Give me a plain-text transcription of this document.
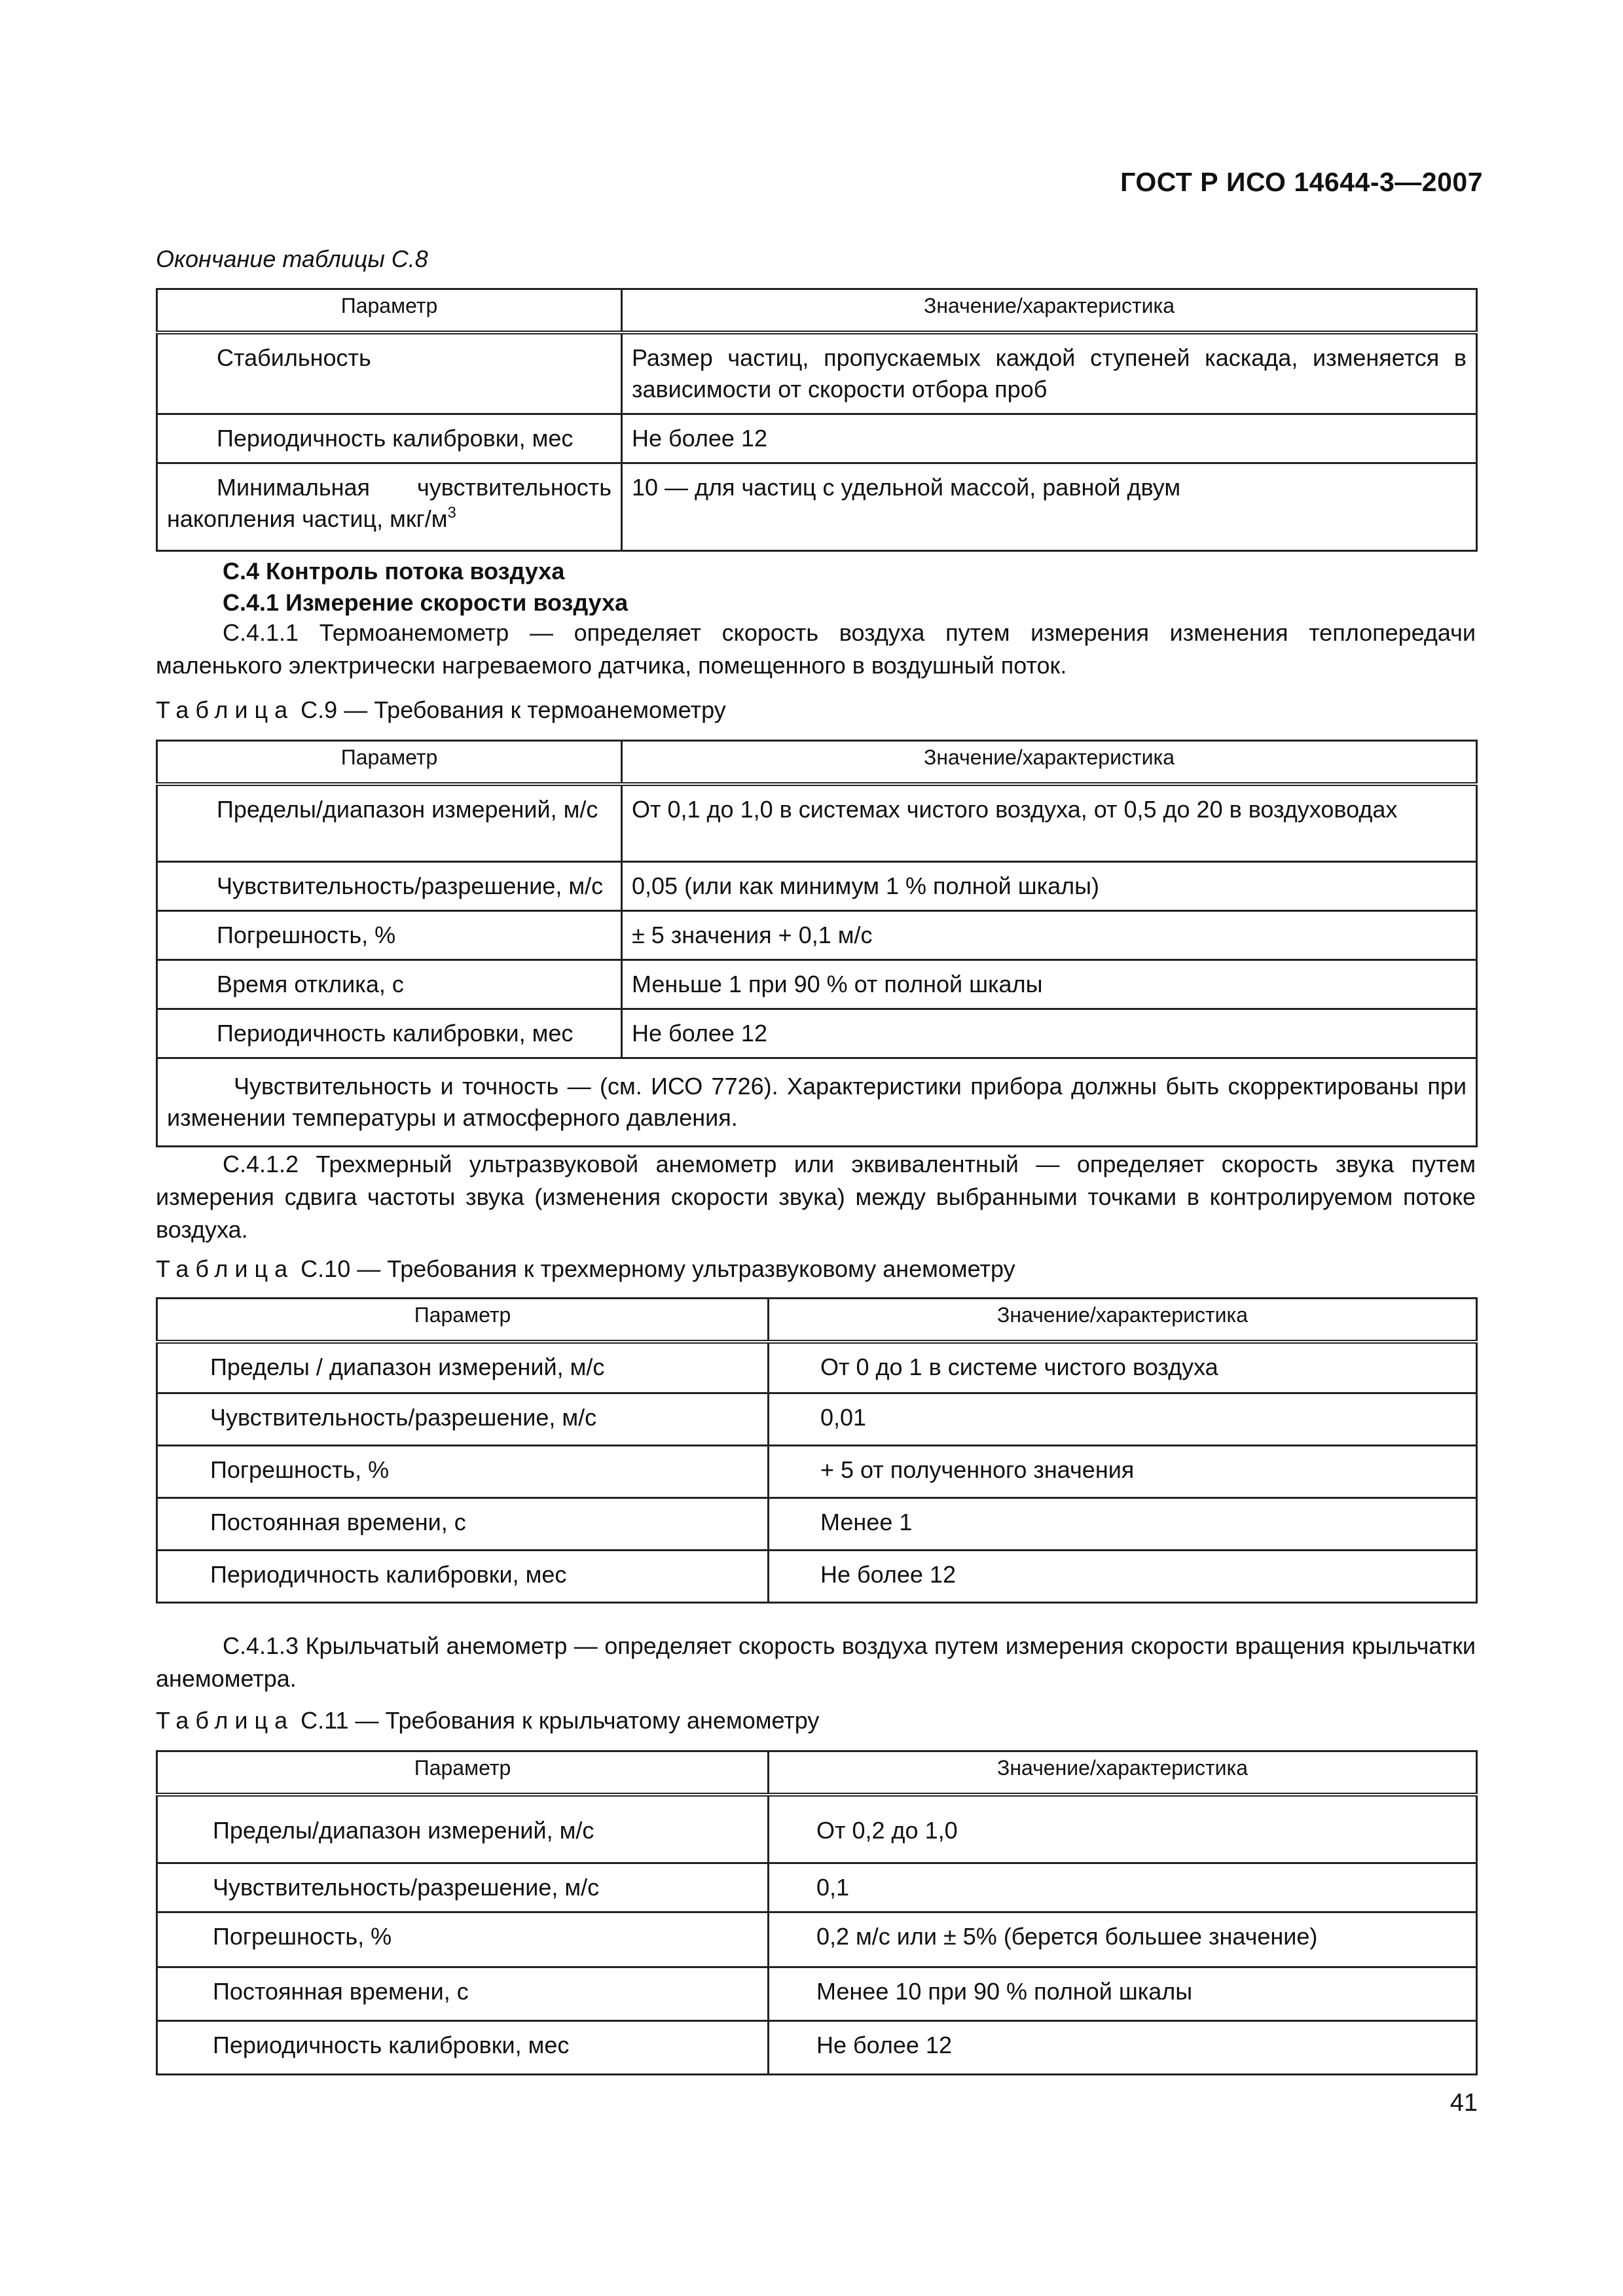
ГОСТ Р ИСО 14644-3—2007
Окончание таблицы С.8
Параметр	Значение/характеристика
Стабильность	Размер частиц, пропускаемых каждой ступеней каскада, изменяется в зависимости от скорости отбора проб
Периодичность калибровки, мес	Не более 12
Минимальная чувствительность накопления частиц, мкг/$м^3$	10 — для частиц с удельной массой, равной двум
С.4 Контроль потока воздуха
С.4.1 Измерение скорости воздуха
С.4.1.1 Термоанемометр — определяет скорость воздуха путем измерения изменения теплопередачи маленького электрически нагреваемого датчика, помещенного в воздушный поток.
Таблица С.9 — Требования к термоанемометру
Параметр	Значение/характеристика
Пределы/диапазон измерений, м/с	От 0,1 до 1,0 в системах чистого воздуха, от 0,5 до 20 в воздуховодах
Чувствительность/разрешение, м/с	0,05 (или как минимум 1 % полной шкалы)
Погрешность, %	± 5 значения + 0,1 м/с
Время отклика, с	Меньше 1 при 90 % от полной шкалы
Периодичность калибровки, мес	Не более 12
Чувствительность и точность — (см. ИСО 7726). Характеристики прибора должны быть скорректированы при изменении температуры и атмосферного давления.	
С.4.1.2 Трехмерный ультразвуковой анемометр или эквивалентный — определяет скорость звука путем измерения сдвига частоты звука (изменения скорости звука) между выбранными точками в контролируемом потоке воздуха.
Таблица С.10 — Требования к трехмерному ультразвуковому анемометру
Параметр	Значение/характеристика
Пределы / диапазон измерений, м/с	От 0 до 1 в системе чистого воздуха
Чувствительность/разрешение, м/с	0,01
Погрешность, %	+ 5 от полученного значения
Постоянная времени, с	Менее 1
Периодичность калибровки, мес	Не более 12
С.4.1.3 Крыльчатый анемометр — определяет скорость воздуха путем измерения скорости вращения крыльчатки анемометра.
Таблица С.11 — Требования к крыльчатому анемометру
Параметр	Значение/характеристика
Пределы/диапазон измерений, м/с	От 0,2 до 1,0
Чувствительность/разрешение, м/с	0,1
Погрешность, %	0,2 м/с или ± 5% (берется большее значение)
Постоянная времени, с	Менее 10 при 90 % полной шкалы
Периодичность калибровки, мес	Не более 12
41
